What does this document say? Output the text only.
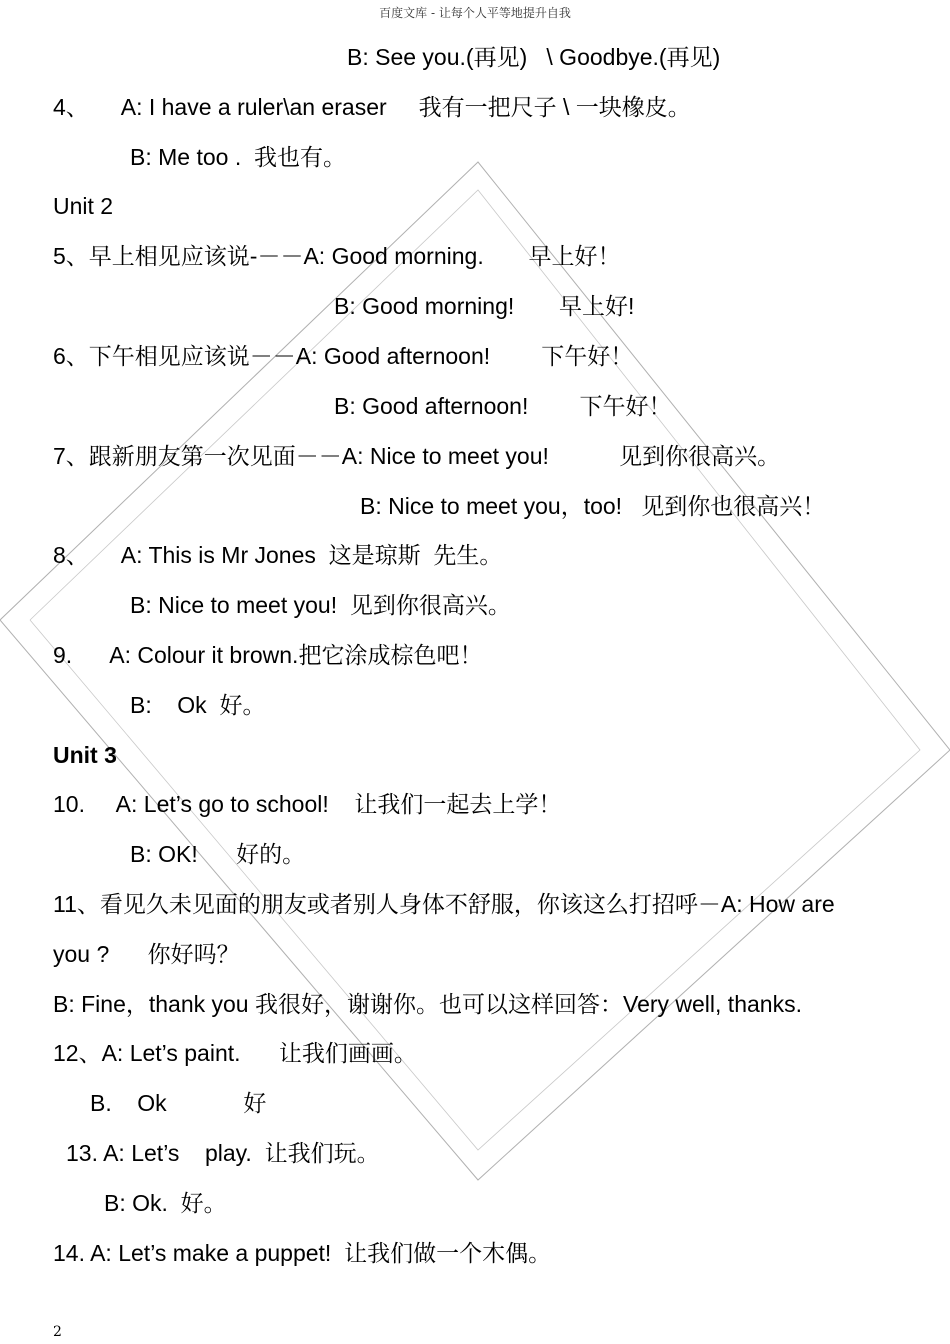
百度文库 - 让每个人平等地提升自我
B: See you.(再见)   \ Goodbye.(再见)
4、     A: I have a ruler\an eraser     我有一把尺子 \ 一块橡皮。
B: Me too .  我也有。
Unit 2
5、早上相见应该说-－－A: Good morning.       早上好！
B: Good morning!       早上好!
6、下午相见应该说－－A: Good afternoon!        下午好！
B: Good afternoon!        下午好！
7、跟新朋友第一次见面－－A: Nice to meet you!           见到你很高兴。
B: Nice to meet you，too!   见到你也很高兴！
8、     A: This is Mr Jones  这是琼斯  先生。
B: Nice to meet you!  见到你很高兴。
9.      A: Colour it brown.把它涂成棕色吧！
B:    Ok  好。
Unit 3
10.     A: Let’s go to school!    让我们一起去上学！
B: OK!      好的。
11、看见久未见面的朋友或者别人身体不舒服，你该这么打招呼－A: How are
you ?      你好吗？
B: Fine，thank you 我很好，谢谢你。也可以这样回答：Very well, thanks.
12、A: Let’s paint.      让我们画画。
B.    Ok            好
13. A: Let’s    play.  让我们玩。
B: Ok.  好。
14. A: Let’s make a puppet!  让我们做一个木偶。
2
